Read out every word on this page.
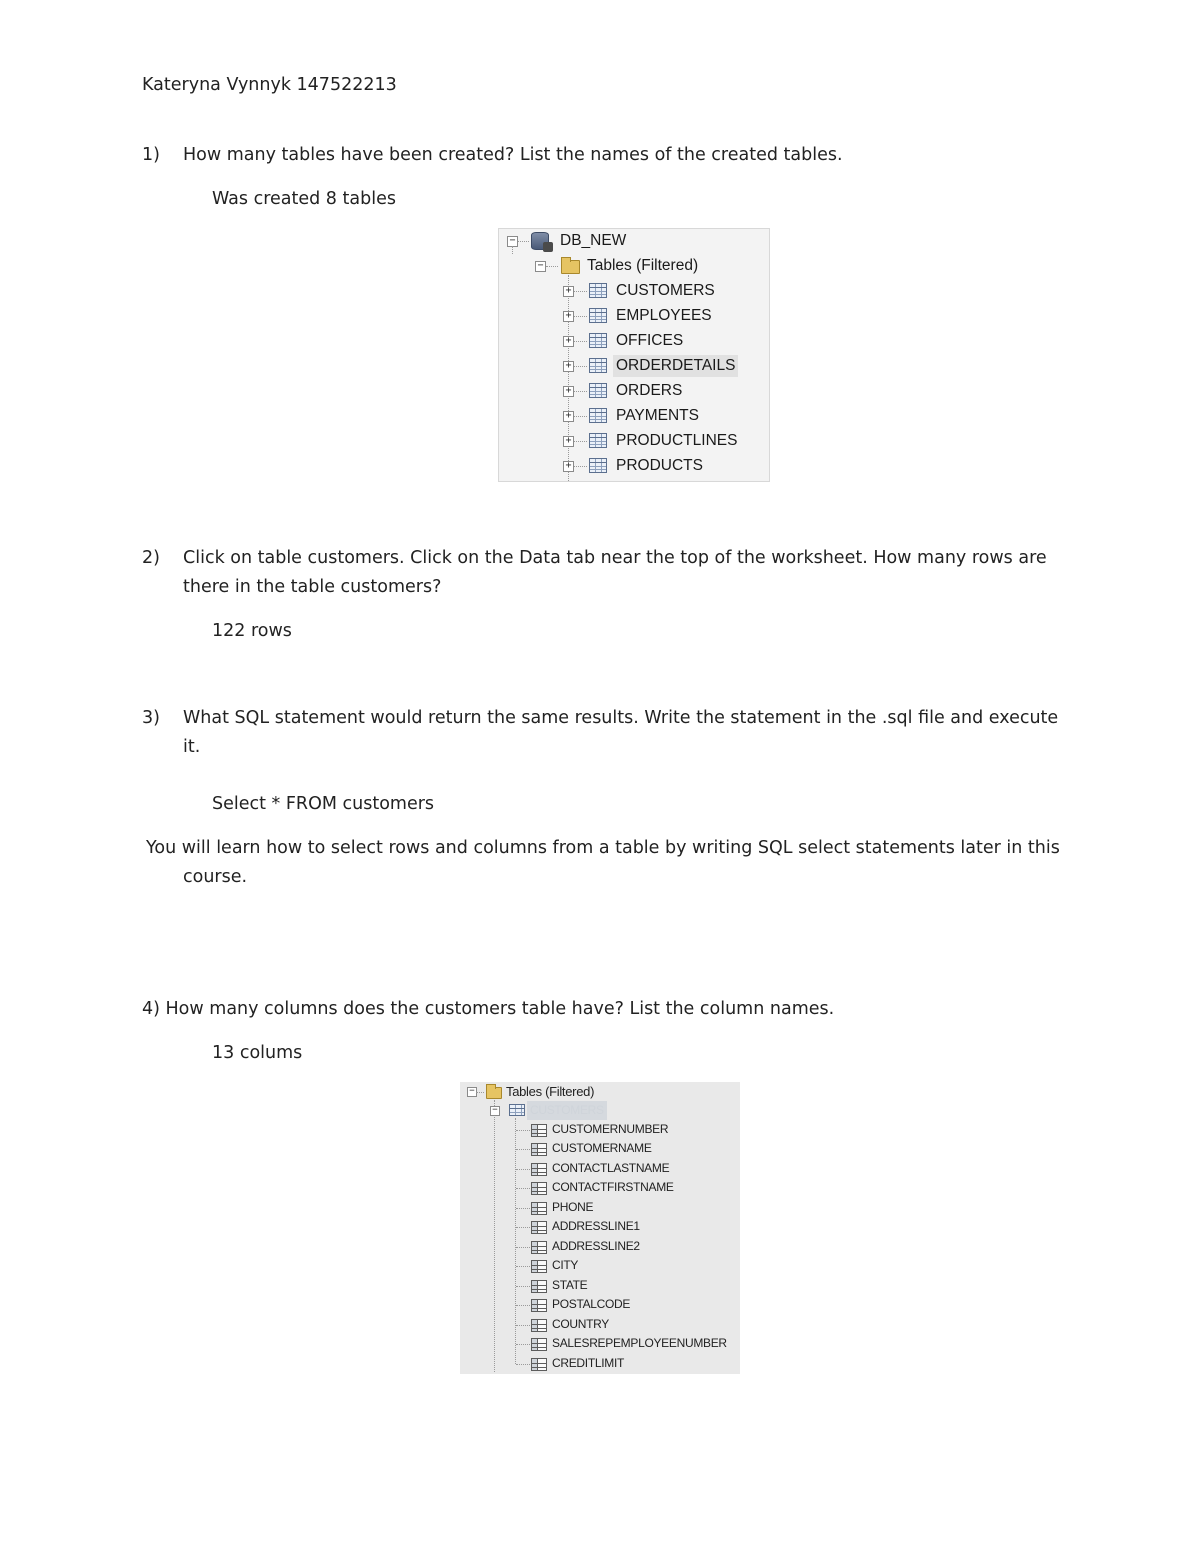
Kateryna Vynnyk 147522213
1) How many tables have been created? List the names of the created tables.
Was created 8 tables
−	DB_NEW
−	Tables (Filtered)
+	CUSTOMERS
+	EMPLOYEES
+	OFFICES
+	ORDERDETAILS
+	ORDERS
+	PAYMENTS
+	PRODUCTLINES
+	PRODUCTS
2) Click on table customers. Click on the Data tab near the top of the worksheet. How many rows are
there in the table customers?
122 rows
3) What SQL statement would return the same results. Write the statement in the .sql file and execute
it.
Select * FROM customers
You will learn how to select rows and columns from a table by writing SQL select statements later in this
course.
4) How many columns does the customers table have? List the column names.
13 colums
− Tables (Filtered)
−	CUSTOMERS
CUSTOMERNUMBER
CUSTOMERNAME
CONTACTLASTNAME
CONTACTFIRSTNAME
PHONE
ADDRESSLINE1
ADDRESSLINE2
CITY
STATE
POSTALCODE
COUNTRY
SALESREPEMPLOYEENUMBER
CREDITLIMIT
